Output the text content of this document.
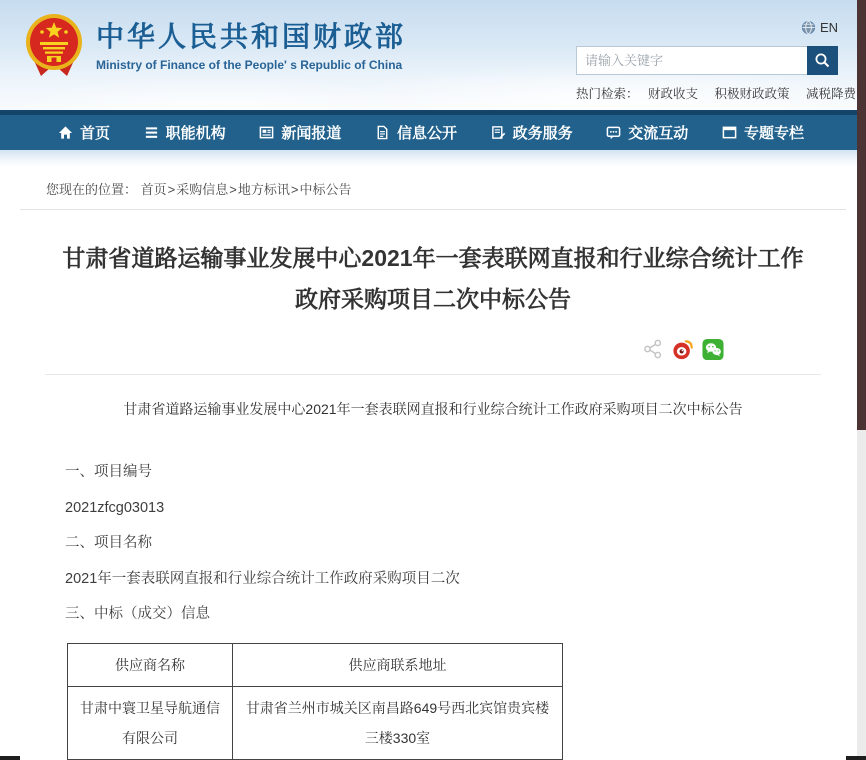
中华人民共和国财政部
Ministry of Finance of the People' s Republic of China
EN
请输入关键字
热门检索： 财政收支 积极财政政策 减税降费
首页	职能机构	新闻报道	信息公开	政务服务	交流互动	专题专栏
您现在的位置： 首页>采购信息>地方标讯>中标公告
甘肃省道路运输事业发展中心2021年一套表联网直报和行业综合统计工作政府采购项目二次中标公告
甘肃省道路运输事业发展中心2021年一套表联网直报和行业综合统计工作政府采购项目二次中标公告

一、项目编号

2021zfcg03013

二、项目名称

2021年一套表联网直报和行业综合统计工作政府采购项目二次

三、中标（成交）信息

供应商名称	供应商联系地址
甘肃中寰卫星导航通信有限公司	甘肃省兰州市城关区南昌路649号西北宾馆贵宾楼三楼330室
